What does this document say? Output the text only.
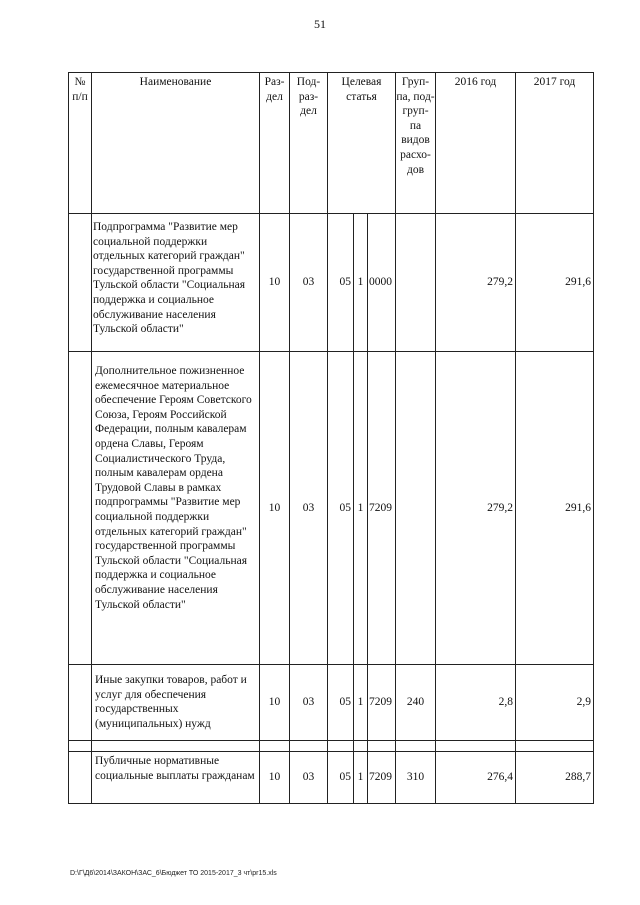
51
№ п/п	Наименование	Раз- дел	Под- раз- дел	Целевая статья			Груп- па, под- груп- па видов расхо- дов	2016 год	2017 год
	Подпрограмма "Развитие мер социальной поддержки отдельных категорий граждан" государственной программы Тульской области "Социальная поддержка и социальное обслуживание населения Тульской области"	10	03	05	1	0000		279,2	291,6
	Дополнительное пожизненное ежемесячное материальное обеспечение Героям Советского Союза, Героям Российской Федерации, полным кавалерам ордена Славы, Героям Социалистического Труда, полным кавалерам ордена Трудовой Славы в рамках подпрограммы "Развитие мер социальной поддержки отдельных категорий граждан" государственной программы Тульской области "Социальная поддержка и социальное обслуживание населения Тульской области"	10	03	05	1	7209		279,2	291,6
	Иные закупки товаров, работ и услуг для обеспечения государственных (муниципальных) нужд	10	03	05	1	7209	240	2,8	2,9

	Публичные нормативные социальные выплаты гражданам	10	03	05	1	7209	310	276,4	288,7
D:\Г\Д6\2014\ЗАКОН\ЗАС_6\Бюджет ТО 2015-2017_3 чт\pr15.xls
